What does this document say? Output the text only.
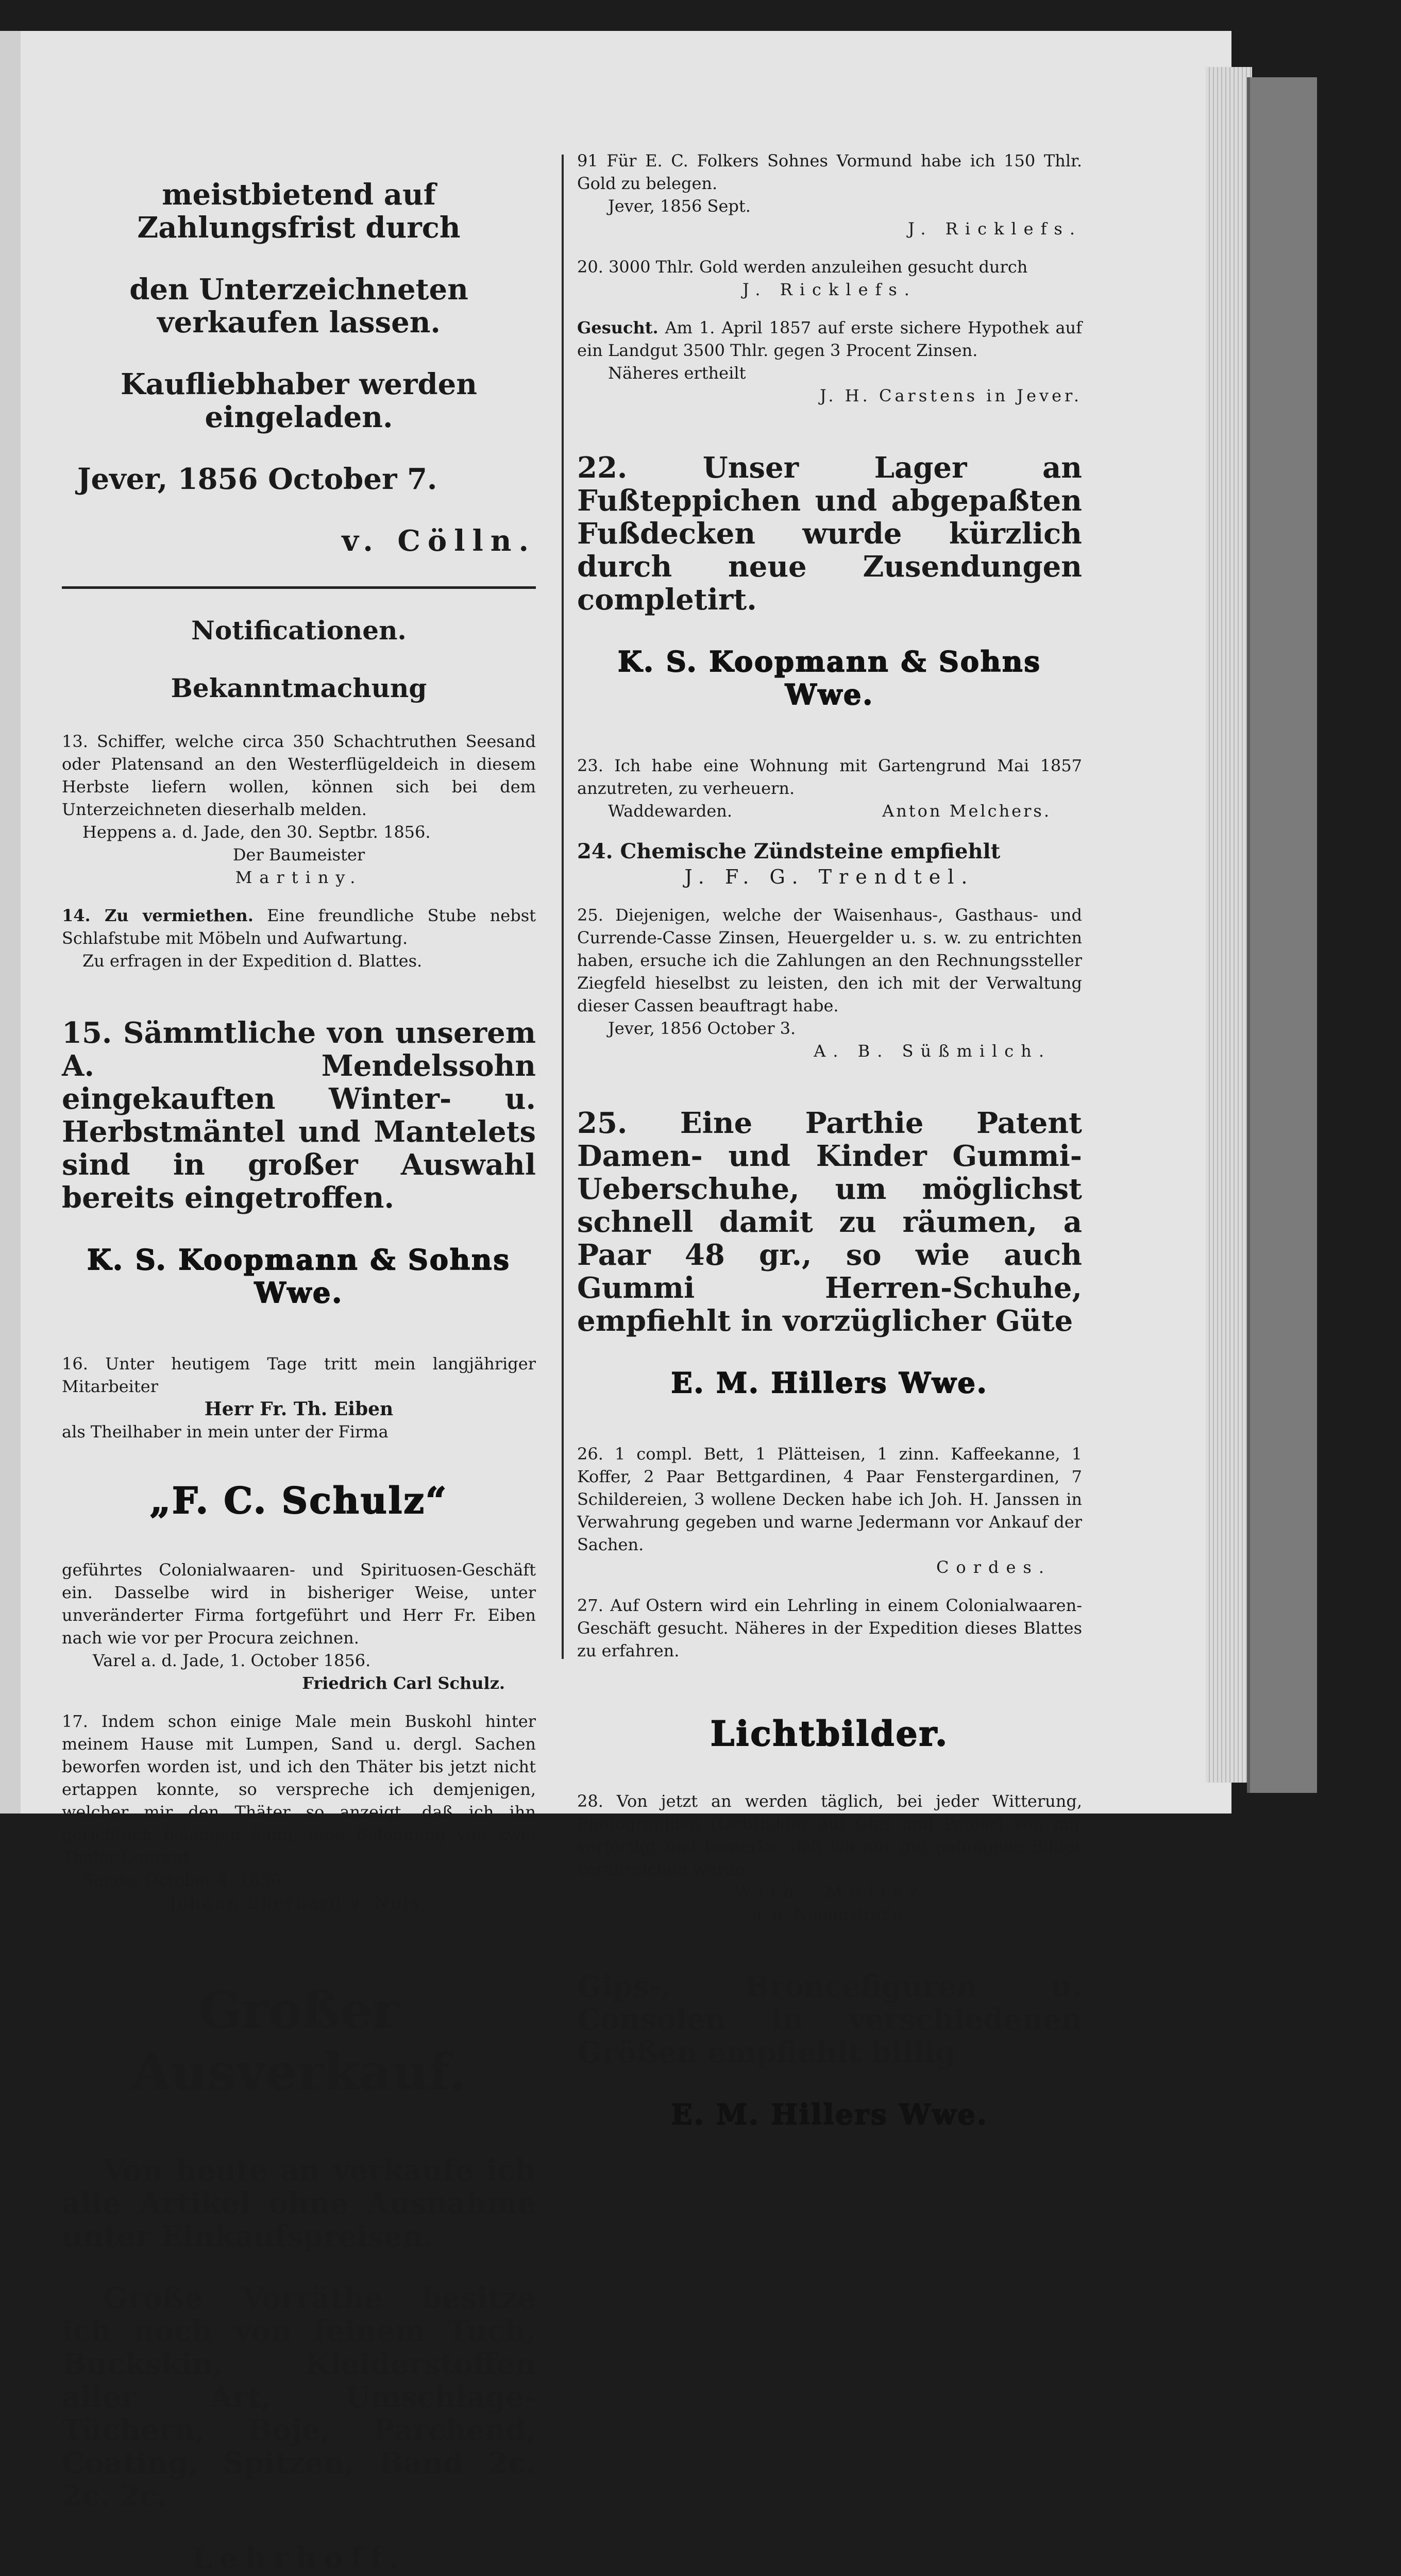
meistbietend auf Zahlungsfrist durch

den Unterzeichneten verkaufen lassen.

Kaufliebhaber werden eingeladen.

Jever, 1856 October 7.

v. Cölln.

Notificationen.

Bekanntmachung

13. Schiffer, welche circa 350 Schachtruthen Seesand oder Platensand an den Westerflügeldeich in diesem Herbste liefern wollen, können sich bei dem Unterzeichneten dieserhalb melden.

Heppens a. d. Jade, den 30. Septbr. 1856.

Der Baumeister

Martiny.

14. Zu vermiethen. Eine freundliche Stube nebst Schlafstube mit Möbeln und Aufwartung.

Zu erfragen in der Expedition d. Blattes.

15. Sämmtliche von unserem A. Mendelssohn eingekauften Winter- u. Herbstmäntel und Mantelets sind in großer Auswahl bereits eingetroffen.

K. S. Koopmann & Sohns Wwe.

16. Unter heutigem Tage tritt mein langjähriger Mitarbeiter

Herr Fr. Th. Eiben

als Theilhaber in mein unter der Firma

„F. C. Schulz“

geführtes Colonialwaaren- und Spirituosen-Geschäft ein. Dasselbe wird in bisheriger Weise, unter unveränderter Firma fortgeführt und Herr Fr. Eiben nach wie vor per Procura zeichnen.

Varel a. d. Jade, 1. October 1856.

Friedrich Carl Schulz.

17. Indem schon einige Male mein Buskohl hinter meinem Hause mit Lumpen, Sand u. dergl. Sachen beworfen worden ist, und ich den Thäter bis jetzt nicht ertappen konnte, so verspreche ich demjenigen, welcher mir den Thäter so anzeigt, daß ich ihn gerichtlich belangen kann, eine Belohnung von zwei Thaler Courant.

Sande, October 4. 1856.

Johann Eberhard v. Nuis.

Großer Ausverkauf.

Von heute an verkaufe ich alle Artikel ohne Ausnahme unter Einkaufspreisen.

Große Vorräthe besitze ich noch von feinem Tuch, Buckskin, Kleiderstoffen aller Art, Umschlage-Tüchern, Boje, Parchend, Coating, Spitzen, Band 2c. 2c. 2c.

Lehrhoff.

91 Für E. C. Folkers Sohnes Vormund habe ich 150 Thlr. Gold zu belegen.

Jever, 1856 Sept.

J. Ricklefs.

20. 3000 Thlr. Gold werden anzuleihen gesucht durch

J. Ricklefs.

Gesucht. Am 1. April 1857 auf erste sichere Hypothek auf ein Landgut 3500 Thlr. gegen 3 Procent Zinsen.

Näheres ertheilt

J. H. Carstens in Jever.

22. Unser Lager an Fußteppichen und abgepaßten Fußdecken wurde kürzlich durch neue Zusendungen completirt.

K. S. Koopmann & Sohns Wwe.

23. Ich habe eine Wohnung mit Gartengrund Mai 1857 anzutreten, zu verheuern.

Waddewarden.	Anton Melchers.

24. Chemische Zündsteine empfiehlt

J. F. G. Trendtel.

25. Diejenigen, welche der Waisenhaus-, Gasthaus- und Currende-Casse Zinsen, Heuergelder u. s. w. zu entrichten haben, ersuche ich die Zahlungen an den Rechnungssteller Ziegfeld hieselbst zu leisten, den ich mit der Verwaltung dieser Cassen beauftragt habe.

Jever, 1856 October 3.

A. B. Süßmilch.

25. Eine Parthie Patent Damen- und Kinder Gummi-Ueberschuhe, um möglichst schnell damit zu räumen, a Paar 48 gr., so wie auch Gummi Herren-Schuhe, empfiehlt in vorzüglicher Güte

E. M. Hillers Wwe.

26. 1 compl. Bett, 1 Plätteisen, 1 zinn. Kaffeekanne, 1 Koffer, 2 Paar Bettgardinen, 4 Paar Fenstergardinen, 7 Schildereien, 3 wollene Decken habe ich Joh. H. Janssen in Verwahrung gegeben und warne Jedermann vor Ankauf der Sachen.

Cordes.

27. Auf Ostern wird ein Lehrling in einem Colonialwaaren-Geschäft gesucht. Näheres in der Expedition dieses Blattes zu erfahren.

Lichtbilder.

28. Von jetzt an werden täglich, bei jeder Witterung, Photographien (Lichtbilder auf Glas und Papier) von mir verfertigt und bemerke, daß ich nur gut gelungene Bilder verabreichen werde.

Wilh. Müller

a. d. Neuenstraße.

Gips-, Broncefiguren u. Consolen in verschiedenen Größen empfiehlt billig

E. M. Hillers Wwe.
